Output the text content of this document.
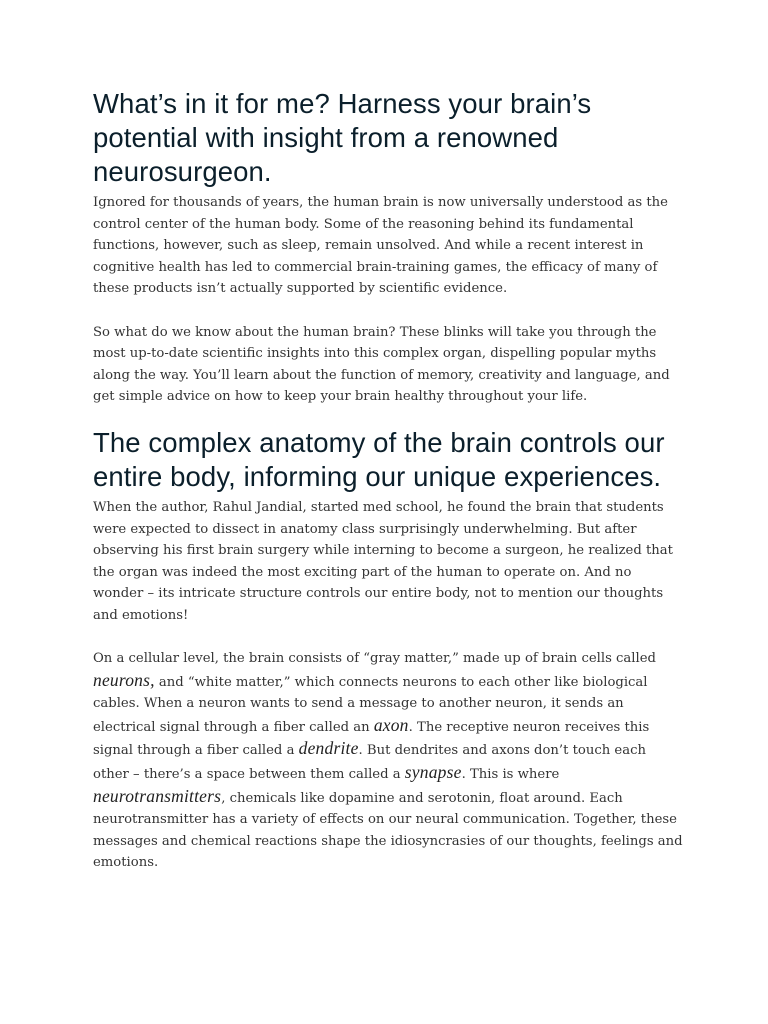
What’s in it for me? Harness your brain’s potential with insight from a renowned neurosurgeon.

Ignored for thousands of years, the human brain is now universally understood as the control center of the human body. Some of the reasoning behind its fundamental functions, however, such as sleep, remain unsolved. And while a recent interest in cognitive health has led to commercial brain-training games, the efficacy of many of these products isn’t actually supported by scientific evidence.

So what do we know about the human brain? These blinks will take you through the most up-to-date scientific insights into this complex organ, dispelling popular myths along the way. You’ll learn about the function of memory, creativity and language, and get simple advice on how to keep your brain healthy throughout your life.

The complex anatomy of the brain controls our entire body, informing our unique experiences.

When the author, Rahul Jandial, started med school, he found the brain that students were expected to dissect in anatomy class surprisingly underwhelming. But after observing his first brain surgery while interning to become a surgeon, he realized that the organ was indeed the most exciting part of the human to operate on. And no wonder – its intricate structure controls our entire body, not to mention our thoughts and emotions!

On a cellular level, the brain consists of “gray matter,” made up of brain cells called neurons, and “white matter,” which connects neurons to each other like biological cables. When a neuron wants to send a message to another neuron, it sends an electrical signal through a fiber called an axon. The receptive neuron receives this signal through a fiber called a dendrite. But dendrites and axons don’t touch each other – there’s a space between them called a synapse. This is where neurotransmitters, chemicals like dopamine and serotonin, float around. Each neurotransmitter has a variety of effects on our neural communication. Together, these messages and chemical reactions shape the idiosyncrasies of our thoughts, feelings and emotions.
